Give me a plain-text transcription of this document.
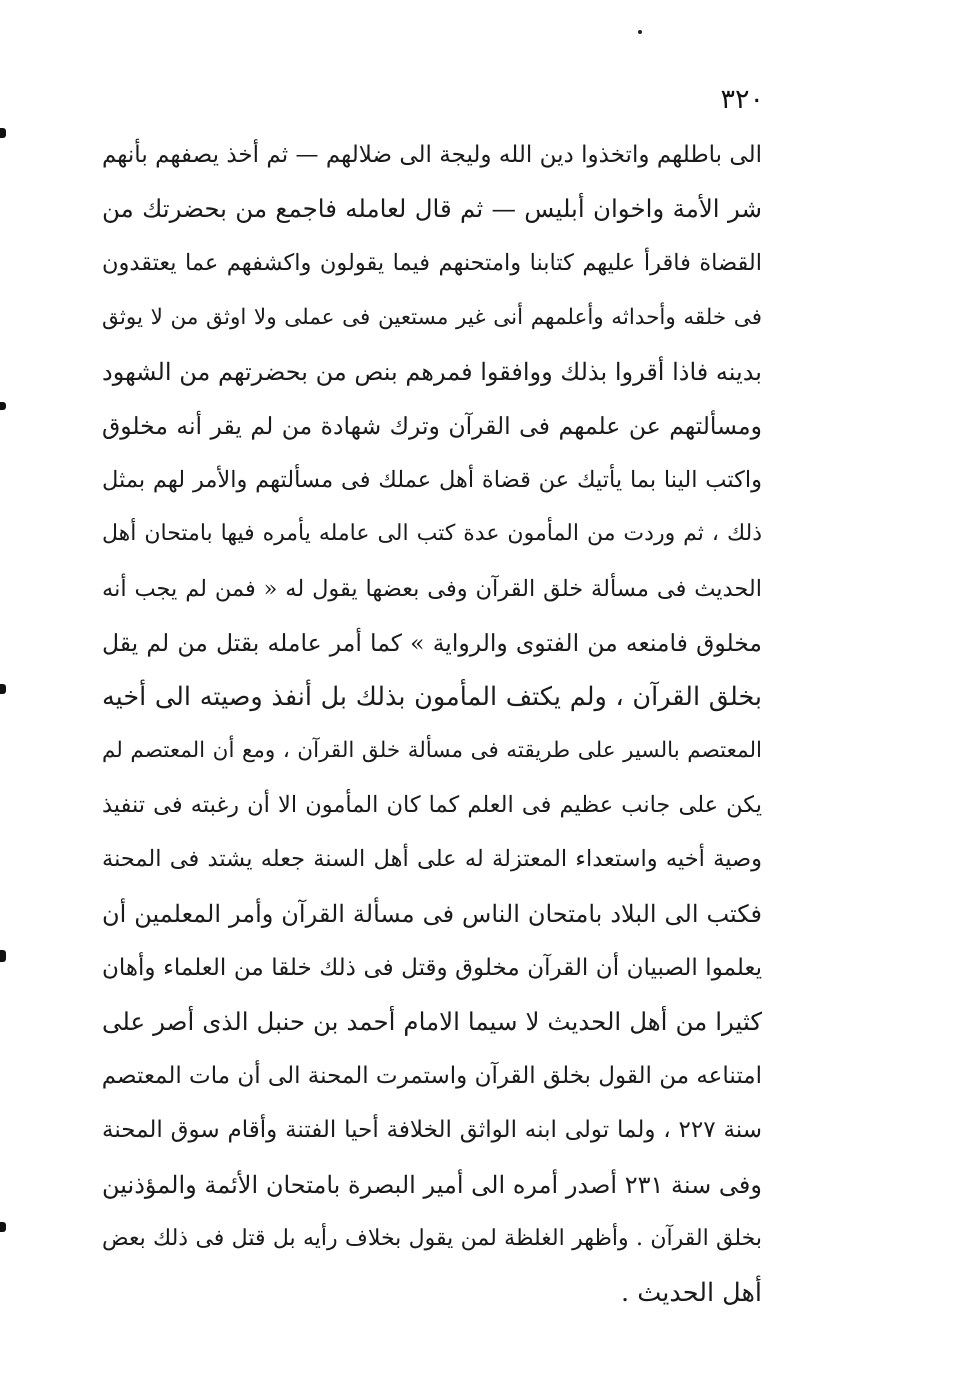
٣٢٠
الى باطلهم واتخذوا دين الله وليجة الى ضلالهم — ثم أخذ يصفهم بأنهم
شر الأمة واخوان أبليس — ثم قال لعامله فاجمع من بحضرتك من
القضاة فاقرأ عليهم كتابنا وامتحنهم فيما يقولون واكشفهم عما يعتقدون
فى خلقه وأحداثه وأعلمهم أنى غير مستعين فى عملى ولا اوثق من لا يوثق
بدينه فاذا أقروا بذلك ووافقوا فمرهم بنص من بحضرتهم من الشهود
ومسألتهم عن علمهم فى القرآن وترك شهادة من لم يقر أنه مخلوق
واكتب الينا بما يأتيك عن قضاة أهل عملك فى مسألتهم والأمر لهم بمثل
ذلك ، ثم وردت من المأمون عدة كتب الى عامله يأمره فيها بامتحان أهل
الحديث فى مسألة خلق القرآن وفى بعضها يقول له « فمن لم يجب أنه
مخلوق فامنعه من الفتوى والرواية » كما أمر عامله بقتل من لم يقل
بخلق القرآن ، ولم يكتف المأمون بذلك بل أنفذ وصيته الى أخيه
المعتصم بالسير على طريقته فى مسألة خلق القرآن ، ومع أن المعتصم لم
يكن على جانب عظيم فى العلم كما كان المأمون الا أن رغبته فى تنفيذ
وصية أخيه واستعداء المعتزلة له على أهل السنة جعله يشتد فى المحنة
فكتب الى البلاد بامتحان الناس فى مسألة القرآن وأمر المعلمين أن
يعلموا الصبيان أن القرآن مخلوق وقتل فى ذلك خلقا من العلماء وأهان
كثيرا من أهل الحديث لا سيما الامام أحمد بن حنبل الذى أصر على
امتناعه من القول بخلق القرآن واستمرت المحنة الى أن مات المعتصم
سنة ٢٢٧ ، ولما تولى ابنه الواثق الخلافة أحيا الفتنة وأقام سوق المحنة
وفى سنة ٢٣١ أصدر أمره الى أمير البصرة بامتحان الأئمة والمؤذنين
بخلق القرآن . وأظهر الغلظة لمن يقول بخلاف رأيه بل قتل فى ذلك بعض
أهل الحديث .
